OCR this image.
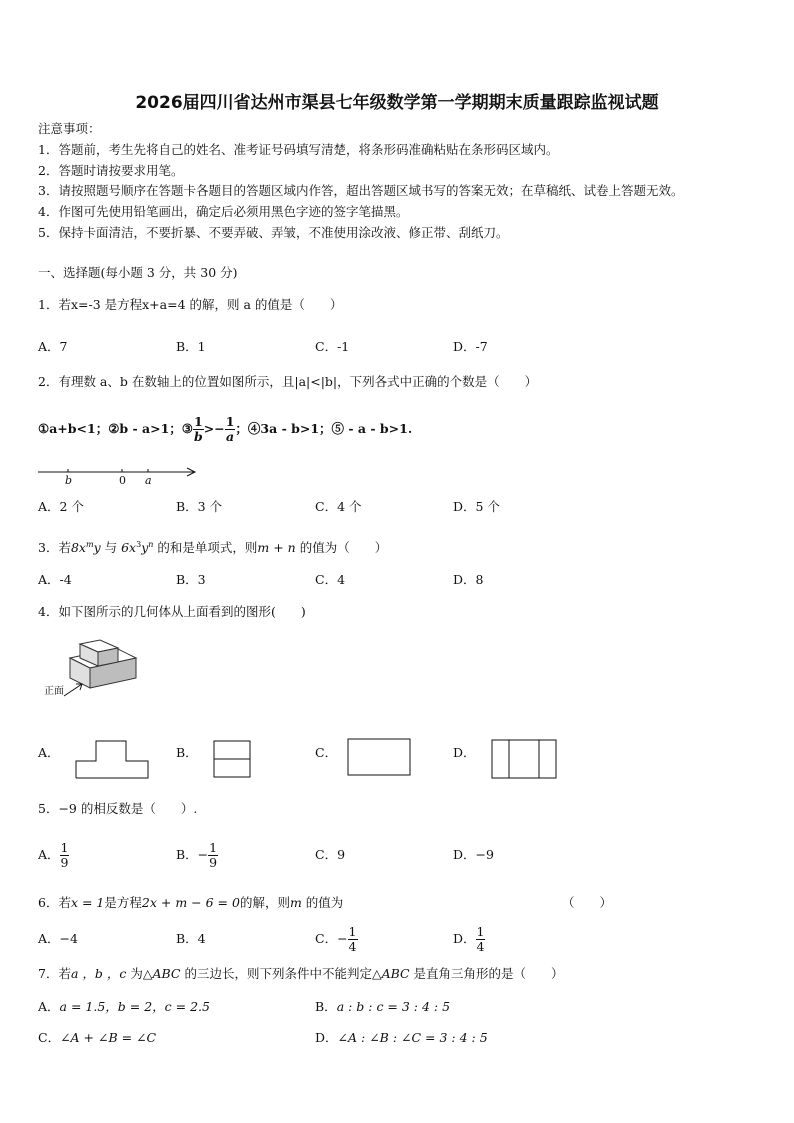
2026届四川省达州市渠县七年级数学第一学期期末质量跟踪监视试题
注意事项：
1．答题前，考生先将自己的姓名、准考证号码填写清楚，将条形码准确粘贴在条形码区域内。
2．答题时请按要求用笔。
3．请按照题号顺序在答题卡各题目的答题区域内作答，超出答题区域书写的答案无效；在草稿纸、试卷上答题无效。
4．作图可先使用铅笔画出，确定后必须用黑色字迹的签字笔描黑。
5．保持卡面清洁，不要折暴、不要弄破、弄皱，不准使用涂改液、修正带、刮纸刀。
一、选择题(每小题 3 分，共 30 分)
1．若x=-3 是方程x+a=4 的解，则 a 的值是（　　）
A．7	B．1	C．-1	D．-7
2．有理数 a、b 在数轴上的位置如图所示，且|a|<|b|，下列各式中正确的个数是（　　）
①a+b<1；②b - a>1；③ $\frac{1}{b} >- \frac{1}{a}$ ；④3a - b>1；⑤ - a - b>1.
b	0 a
A．2 个	B．3 个	C．4 个	D．5 个
3．若$8x^my$ 与 $6x^3y^n$ 的和是单项式，则m + n 的值为（　　）
A．-4	B．3	C．4	D．8
4．如下图所示的几何体从上面看到的图形(　　)
正面
A．	B．	C．	D．
5．−9 的相反数是（　　）.
A． $\frac{1}{9}$	B．− $\frac{1}{9}$	C．9	D．−9
6．若x = 1是方程2x + m − 6 = 0的解，则m 的值为	（　　）
A．−4	B．4	C．− $\frac{1}{4}$	D． $\frac{1}{4}$
7．若a ，b ，c 为△ABC 的三边长，则下列条件中不能判定△ABC 是直角三角形的是（　　）
A．a = 1.5，b = 2，c = 2.5	B．a : b : c = 3 : 4 : 5
C．∠A + ∠B = ∠C	D．∠A : ∠B : ∠C = 3 : 4 : 5
